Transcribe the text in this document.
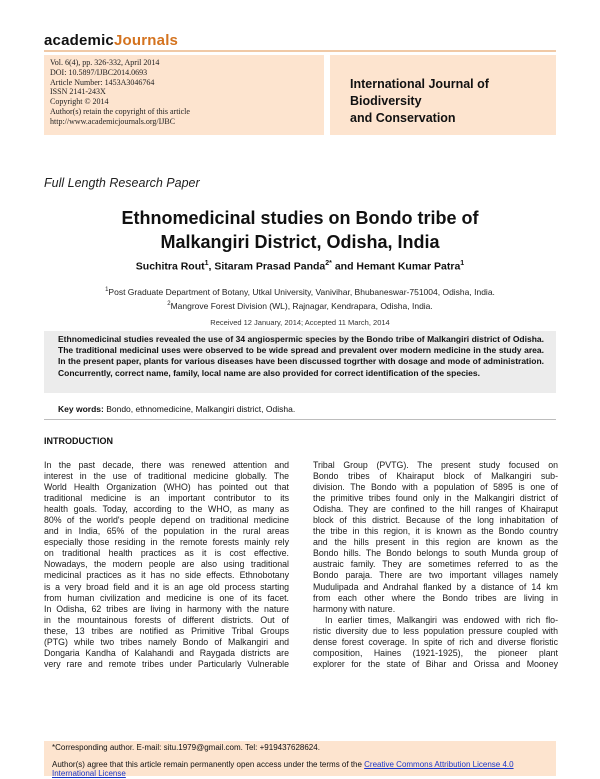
academicJournals
Vol. 6(4), pp. 326-332, April 2014
DOI: 10.5897/IJBC2014.0693
Article Number: 1453A3046764
ISSN 2141-243X
Copyright © 2014
Author(s) retain the copyright of this article
http://www.academicjournals.org/IJBC
International Journal of Biodiversity
and Conservation
Full Length Research Paper
Ethnomedicinal studies on Bondo tribe of
Malkangiri District, Odisha, India
Suchitra Rout$^1$, Sitaram Prasad Panda$^{2*}$ and Hemant Kumar Patra$^1$
$^1$Post Graduate Department of Botany, Utkal University, Vanivihar, Bhubaneswar-751004, Odisha, India.
$^2$Mangrove Forest Division (WL), Rajnagar, Kendrapara, Odisha, India.
Received 12 January, 2014; Accepted 11 March, 2014
Ethnomedicinal studies revealed the use of 34 angiospermic species by the Bondo tribe of Malkangiri district of Odisha. The traditional medicinal uses were observed to be wide spread and prevalent over modern medicine in the study area. In the present paper, plants for various diseases have been discussed togrther with dosage and mode of administration. Concurrently, correct name, family, local name are also provided for correct identification of the species.
Key words: Bondo, ethnomedicine, Malkangiri district, Odisha.
INTRODUCTION
In the past decade, there was renewed attention and
interest in the use of traditional medicine globally. The
World Health Organization (WHO) has pointed out that
traditional medicine is an important contributor to its
health goals. Today, according to the WHO, as many as
80% of the world's people depend on traditional medicine
and in India, 65% of the population in the rural areas
especially those residing in the remote forests mainly rely
on traditional health practices as it is cost effective.
Nowadays, the modern people are also using traditional
medicinal practices as it has no side effects. Ethnobotany
is a very broad field and it is an age old process starting
from human civilization and medicine is one of its facet.
In Odisha, 62 tribes are living in harmony with the nature
in the mountainous forests of different districts. Out of
these, 13 tribes are notified as Primitive Tribal Groups
(PTG) while two tribes namely Bondo of Malkangiri and
Dongaria Kandha of Kalahandi and Raygada districts are
very rare and remote tribes under Particularly Vulnerable
Tribal Group (PVTG). The present study focused on
Bondo tribes of Khairaput block of Malkangiri sub-
division. The Bondo with a population of 5895 is one of
the primitive tribes found only in the Malkangiri district of
Odisha. They are confined to the hill ranges of Khairaput
block of this district. Because of the long inhabitation of
the tribe in this region, it is known as the Bondo country
and the hills present in this region are known as the
Bondo hills. The Bondo belongs to south Munda group of
austraic family. They are sometimes referred to as the
Bondo paraja. There are two important villages namely
Mudulipada and Andrahal flanked by a distance of 14 km
from each other where the Bondo tribes are living in
harmony with nature.
In earlier times, Malkangiri was endowed with rich flo-
ristic diversity due to less population pressure coupled with
dense forest coverage. In spite of rich and diverse floristic
composition, Haines (1921-1925), the pioneer plant
explorer for the state of Bihar and Orissa and Mooney
*Corresponding author. E-mail: situ.1979@gmail.com. Tel: +919437628624.
Author(s) agree that this article remain permanently open access under the terms of the Creative Commons Attribution License 4.0 International License
